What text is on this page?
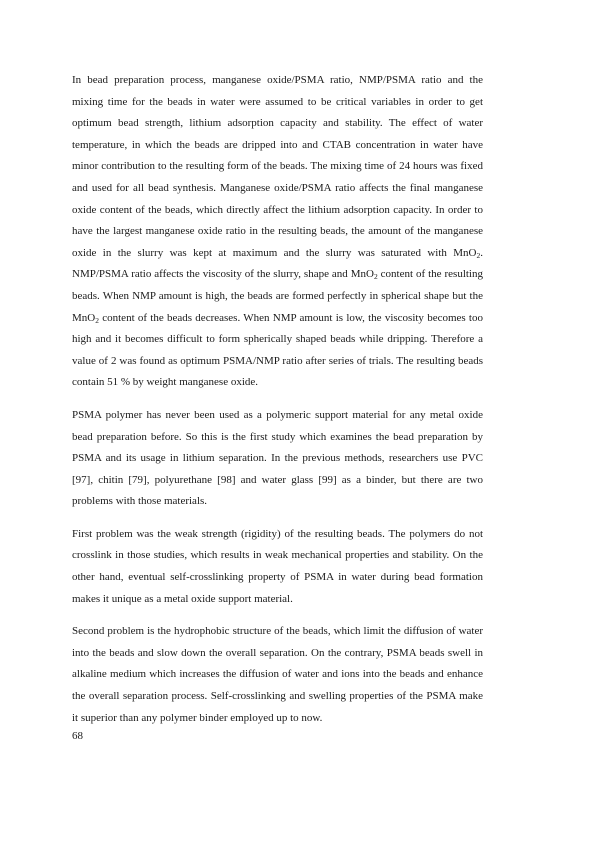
In bead preparation process, manganese oxide/PSMA ratio, NMP/PSMA ratio and the mixing time for the beads in water were assumed to be critical variables in order to get optimum bead strength, lithium adsorption capacity and stability. The effect of water temperature, in which the beads are dripped into and CTAB concentration in water have minor contribution to the resulting form of the beads. The mixing time of 24 hours was fixed and used for all bead synthesis. Manganese oxide/PSMA ratio affects the final manganese oxide content of the beads, which directly affect the lithium adsorption capacity. In order to have the largest manganese oxide ratio in the resulting beads, the amount of the manganese oxide in the slurry was kept at maximum and the slurry was saturated with MnO$_2$. NMP/PSMA ratio affects the viscosity of the slurry, shape and MnO$_2$ content of the resulting beads. When NMP amount is high, the beads are formed perfectly in spherical shape but the MnO$_2$ content of the beads decreases. When NMP amount is low, the viscosity becomes too high and it becomes difficult to form spherically shaped beads while dripping. Therefore a value of 2 was found as optimum PSMA/NMP ratio after series of trials. The resulting beads contain 51 % by weight manganese oxide.

PSMA polymer has never been used as a polymeric support material for any metal oxide bead preparation before. So this is the first study which examines the bead preparation by PSMA and its usage in lithium separation. In the previous methods, researchers use PVC [97], chitin [79], polyurethane [98] and water glass [99] as a binder, but there are two problems with those materials.

First problem was the weak strength (rigidity) of the resulting beads. The polymers do not crosslink in those studies, which results in weak mechanical properties and stability. On the other hand, eventual self-crosslinking property of PSMA in water during bead formation makes it unique as a metal oxide support material.

Second problem is the hydrophobic structure of the beads, which limit the diffusion of water into the beads and slow down the overall separation. On the contrary, PSMA beads swell in alkaline medium which increases the diffusion of water and ions into the beads and enhance the overall separation process. Self-crosslinking and swelling properties of the PSMA make it superior than any polymer binder employed up to now.

68
